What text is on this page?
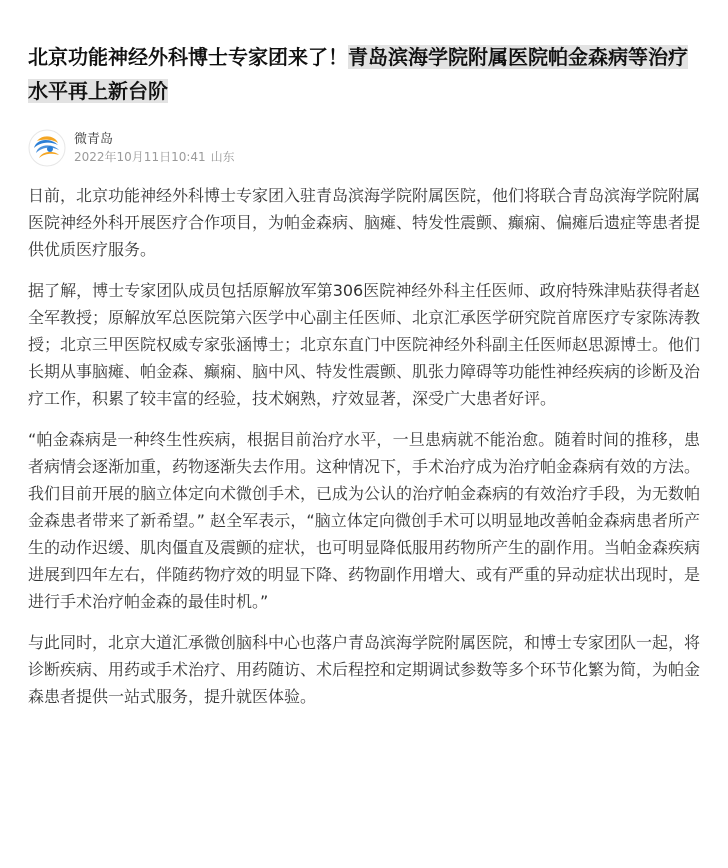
北京功能神经外科博士专家团来了！青岛滨海学院附属医院帕金森病等治疗水平再上新台阶
微青岛
2022年10月11日10:41 山东

日前，北京功能神经外科博士专家团入驻青岛滨海学院附属医院，他们将联合青岛滨海学院附属医院神经外科开展医疗合作项目，为帕金森病、脑瘫、特发性震颤、癫痫、偏瘫后遗症等患者提供优质医疗服务。

据了解，博士专家团队成员包括原解放军第306医院神经外科主任医师、政府特殊津贴获得者赵全军教授；原解放军总医院第六医学中心副主任医师、北京汇承医学研究院首席医疗专家陈涛教授；北京三甲医院权威专家张涵博士；北京东直门中医院神经外科副主任医师赵思源博士。他们长期从事脑瘫、帕金森、癫痫、脑中风、特发性震颤、肌张力障碍等功能性神经疾病的诊断及治疗工作，积累了较丰富的经验，技术娴熟，疗效显著，深受广大患者好评。

“帕金森病是一种终生性疾病，根据目前治疗水平，一旦患病就不能治愈。随着时间的推移，患者病情会逐渐加重，药物逐渐失去作用。这种情况下，手术治疗成为治疗帕金森病有效的方法。我们目前开展的脑立体定向术微创手术，已成为公认的治疗帕金森病的有效治疗手段，为无数帕金森患者带来了新希望。” 赵全军表示，“脑立体定向微创手术可以明显地改善帕金森病患者所产生的动作迟缓、肌肉僵直及震颤的症状，也可明显降低服用药物所产生的副作用。当帕金森疾病进展到四年左右，伴随药物疗效的明显下降、药物副作用增大、或有严重的异动症状出现时，是进行手术治疗帕金森的最佳时机。”

与此同时，北京大道汇承微创脑科中心也落户青岛滨海学院附属医院，和博士专家团队一起，将诊断疾病、用药或手术治疗、用药随访、术后程控和定期调试参数等多个环节化繁为简，为帕金森患者提供一站式服务，提升就医体验。
